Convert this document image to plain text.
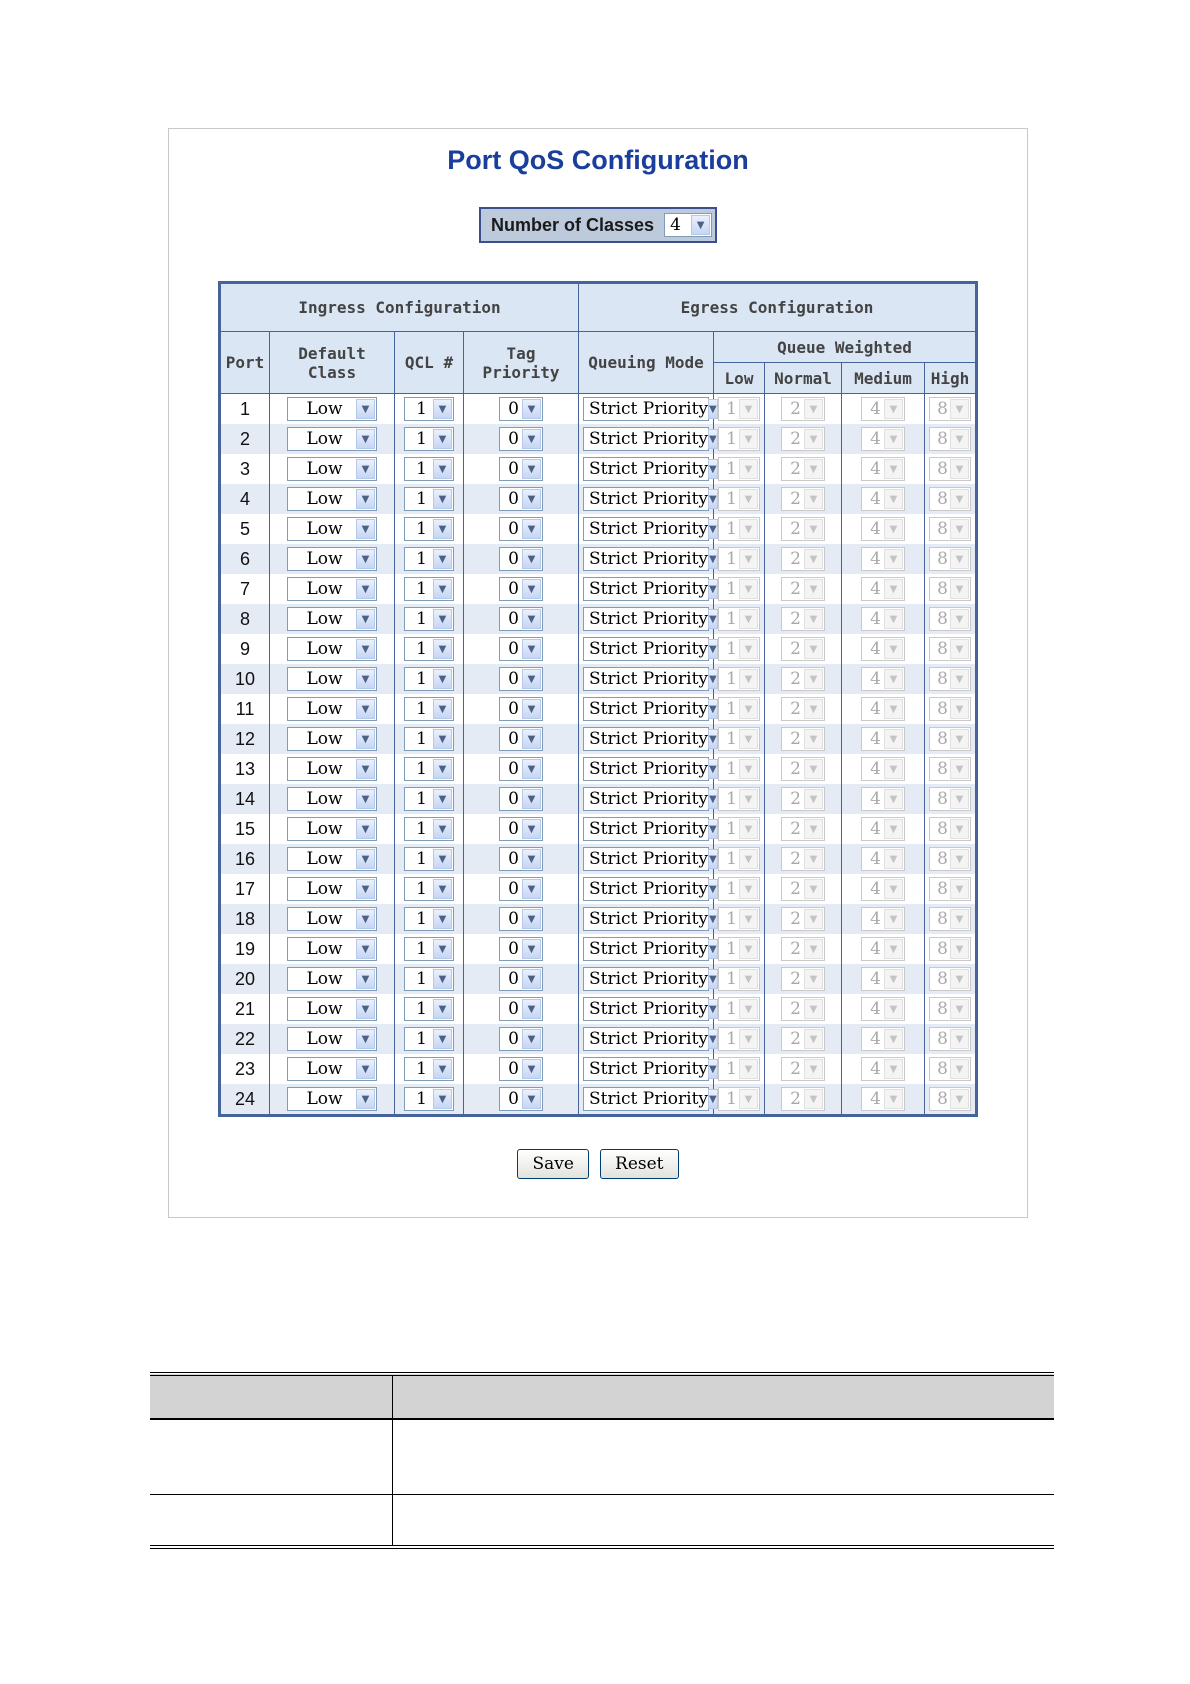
Port QoS Configuration
Number of Classes 4	▼
Ingress Configuration				Egress Configuration				
Port	Default Class	QCL #	Tag Priority	Queuing Mode	Queue Weighted			
					Low	Normal	Medium	High
1	Low ▼	1 ▼	0 ▼	Strict Priority ▼	1 ▼	2 ▼	4 ▼	8 ▼

2	Low ▼	1 ▼	0 ▼	Strict Priority ▼	1 ▼	2 ▼	4 ▼	8 ▼

3	Low ▼	1 ▼	0 ▼	Strict Priority ▼	1 ▼	2 ▼	4 ▼	8 ▼

4	Low ▼	1 ▼	0 ▼	Strict Priority ▼	1 ▼	2 ▼	4 ▼	8 ▼

5	Low ▼	1 ▼	0 ▼	Strict Priority ▼	1 ▼	2 ▼	4 ▼	8 ▼

6	Low ▼	1 ▼	0 ▼	Strict Priority ▼	1 ▼	2 ▼	4 ▼	8 ▼

7	Low ▼	1 ▼	0 ▼	Strict Priority ▼	1 ▼	2 ▼	4 ▼	8 ▼

8	Low ▼	1 ▼	0 ▼	Strict Priority ▼	1 ▼	2 ▼	4 ▼	8 ▼

9	Low ▼	1 ▼	0 ▼	Strict Priority ▼	1 ▼	2 ▼	4 ▼	8 ▼

10	Low ▼	1 ▼	0 ▼	Strict Priority ▼	1 ▼	2 ▼	4 ▼	8 ▼

11	Low ▼	1 ▼	0 ▼	Strict Priority ▼	1 ▼	2 ▼	4 ▼	8 ▼

12	Low ▼	1 ▼	0 ▼	Strict Priority ▼	1 ▼	2 ▼	4 ▼	8 ▼

13	Low ▼	1 ▼	0 ▼	Strict Priority ▼	1 ▼	2 ▼	4 ▼	8 ▼

14	Low ▼	1 ▼	0 ▼	Strict Priority ▼	1 ▼	2 ▼	4 ▼	8 ▼

15	Low ▼	1 ▼	0 ▼	Strict Priority ▼	1 ▼	2 ▼	4 ▼	8 ▼

16	Low ▼	1 ▼	0 ▼	Strict Priority ▼	1 ▼	2 ▼	4 ▼	8 ▼

17	Low ▼	1 ▼	0 ▼	Strict Priority ▼	1 ▼	2 ▼	4 ▼	8 ▼

18	Low ▼	1 ▼	0 ▼	Strict Priority ▼	1 ▼	2 ▼	4 ▼	8 ▼

19	Low ▼	1 ▼	0 ▼	Strict Priority ▼	1 ▼	2 ▼	4 ▼	8 ▼

20	Low ▼	1 ▼	0 ▼	Strict Priority ▼	1 ▼	2 ▼	4 ▼	8 ▼

21	Low ▼	1 ▼	0 ▼	Strict Priority ▼	1 ▼	2 ▼	4 ▼	8 ▼

22	Low ▼	1 ▼	0 ▼	Strict Priority ▼	1 ▼	2 ▼	4 ▼	8 ▼

23	Low ▼	1 ▼	0 ▼	Strict Priority ▼	1 ▼	2 ▼	4 ▼	8 ▼

24	Low ▼	1 ▼	0 ▼	Strict Priority ▼	1 ▼	2 ▼	4 ▼	8 ▼
Save Reset
